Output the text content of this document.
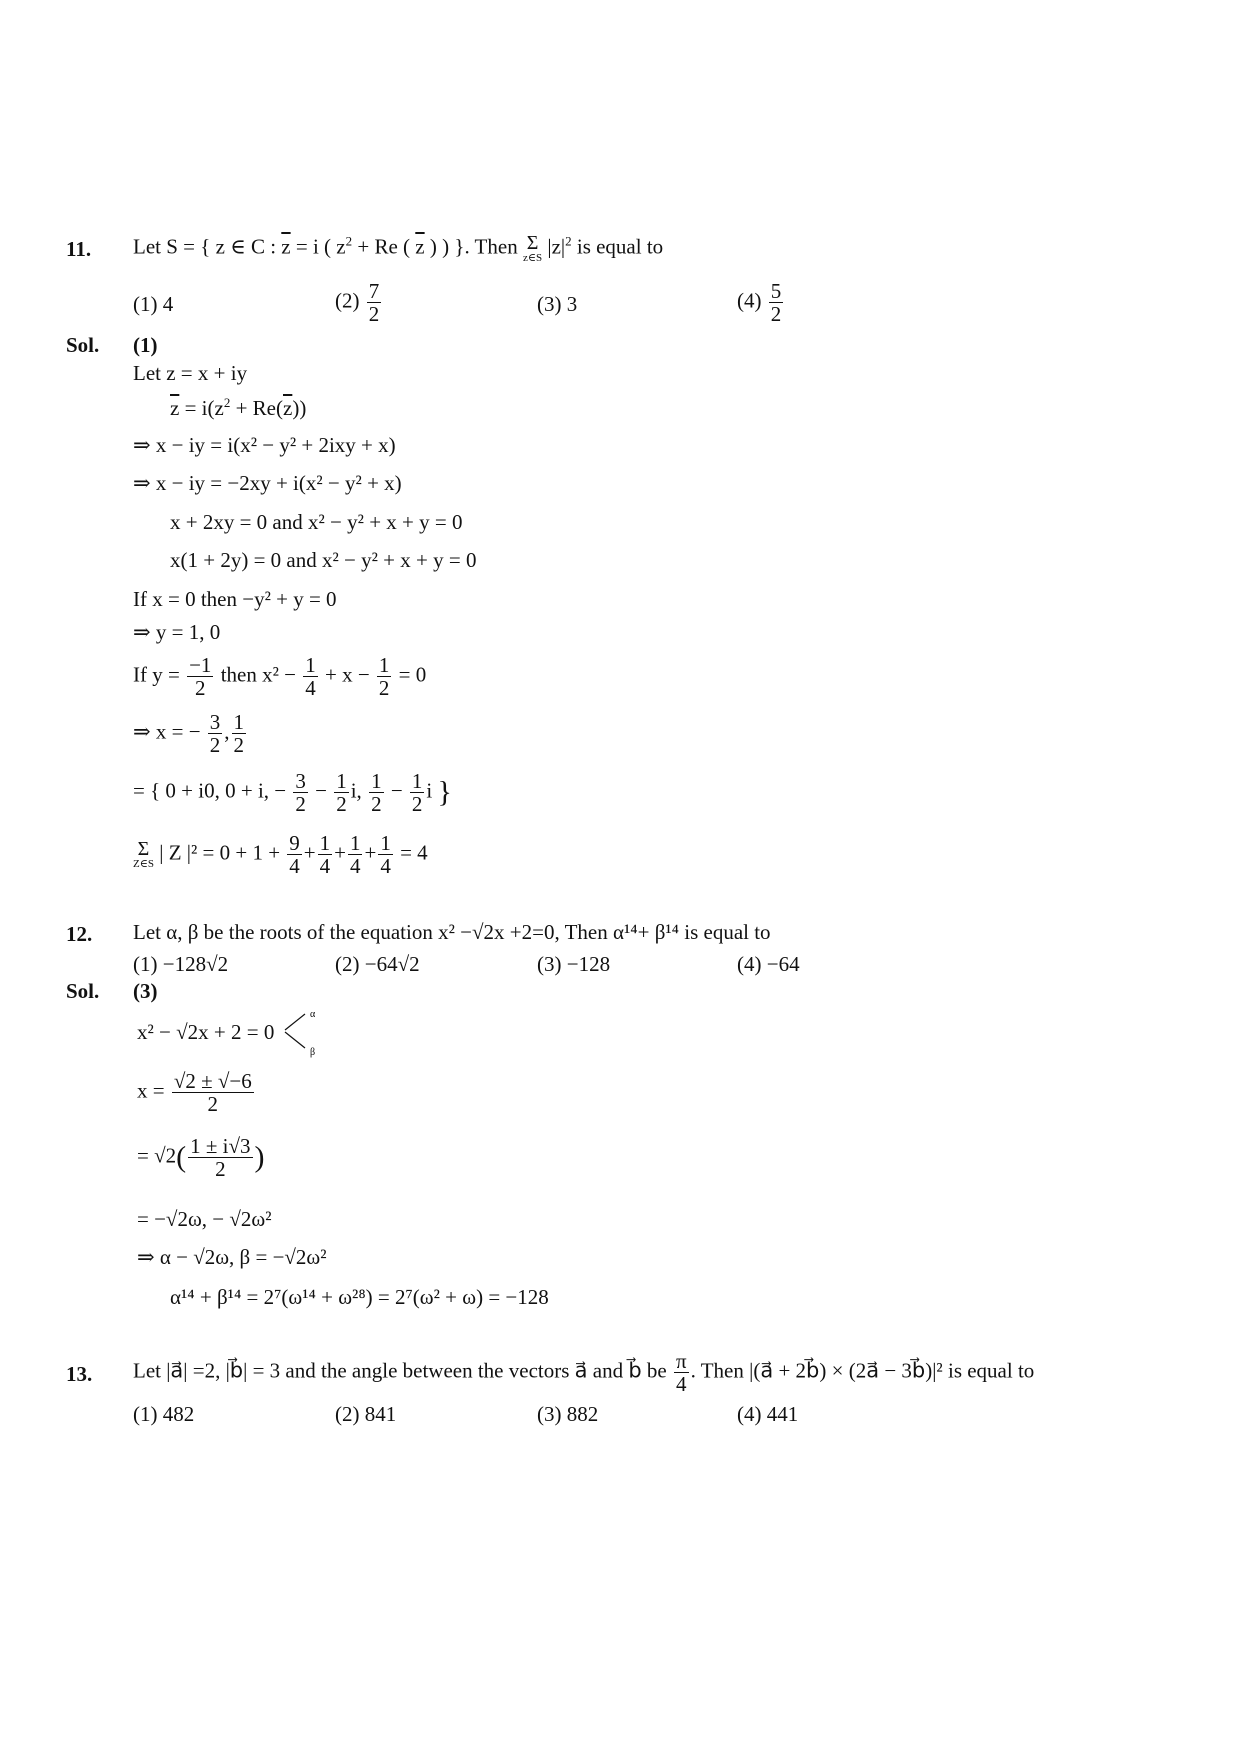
11. Let S = { z ∈ C : $\overline{z} = i$ ( $z^2 + Re$ ( $\overline{z}$ ) ) }. Then Σ
z∈S $|z|^2$ is equal to
(1) 4	$(2) \frac{7}{2}$	(3) 3	$(4) \frac{5}{2}$
Sol. (1)
Let z = x + iy
$\overline{z} = i(z^2 + Re(\overline{z}))$
⇒ x − iy = i(x² − y² + 2ixy + x)
⇒ x − iy = −2xy + i(x² − y² + x)
x + 2xy = 0 and x² − y² + x + y = 0
x(1 + 2y) = 0 and x² − y² + x + y = 0
If x = 0 then −y² + y = 0
⇒ y = 1, 0
If $y = \frac{-1}{2}$ then $x^2 - \frac{1}{4} + x - \frac{1}{2} = 0$
⇒ x = − $\frac{3}{2}$ , $\frac{1}{2}$
= { 0 + i0, 0 + i, − $\frac{3}{2} - \frac{1}{2} i$, $\frac{1}{2} - \frac{1}{2}$ i }
Σ
Z∈S | Z $|^2 = 0 + 1 + \frac{9}{4} + \frac{1}{4} + \frac{1}{4} + \frac{1}{4} = 4$
12. Let α, β be the roots of the equation x² −√2x +2=0, Then α¹⁴+ β¹⁴ is equal to
(1) −128√2	(2) −64√2	(3) −128	(4) −64
Sol. (3)
x² − √2x + 2 = 0
α
β
$x = \frac{√2 \pm √-6}{2}$
= $√2( \frac{1 \pm i√3}{2}$ )
= −√2ω, − √2ω²
⇒ α − √2ω, β = −√2ω²
α¹⁴ + β¹⁴ = 2⁷(ω¹⁴ + ω²⁸) = 2⁷(ω² + ω) = −128
13. Let |a⃗| =2, |b⃗| = 3 and the angle between the vectors a⃗ and b⃗ be $\frac{\pi}{4}$ . Then |(a⃗ + 2b⃗) × (2a⃗ − 3b⃗)|² is equal to
(1) 482	(2) 841	(3) 882	(4) 441
